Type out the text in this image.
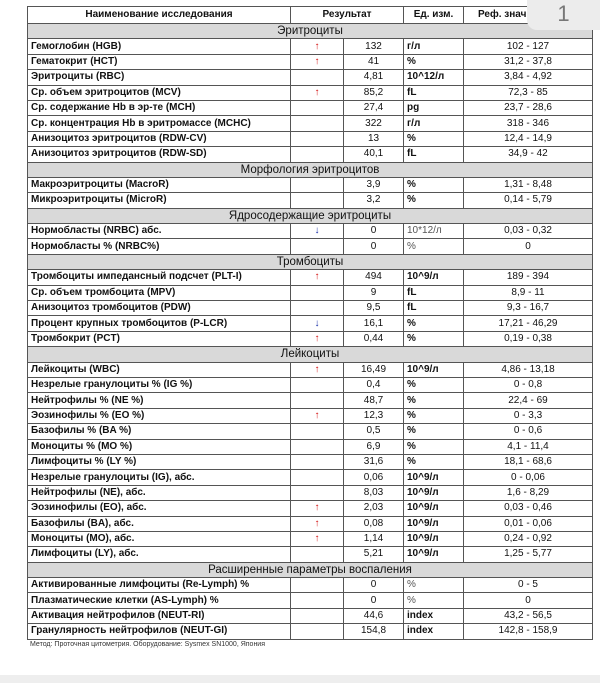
Наименование исследования	Результат		Ед. изм.	Реф. знач
Эритроциты				
Гемоглобин (HGB)	↑	132	г/л	102 - 127
Гематокрит (HCT)	↑	41	%	31,2 - 37,8
Эритроциты (RBC)		4,81	10^12/л	3,84 - 4,92
Ср. объем эритроцитов (MCV)	↑	85,2	fL	72,3 - 85
Ср. содержание Hb в эр-те (MCH)		27,4	pg	23,7 - 28,6
Ср. концентрация Hb в эритромассе (MCHC)		322	г/л	318 - 346
Анизоцитоз эритроцитов (RDW-CV)		13	%	12,4 - 14,9
Анизоцитоз эритроцитов (RDW-SD)		40,1	fL	34,9 - 42
Морфология эритроцитов				
Макроэритроциты (MacroR)		3,9	%	1,31 - 8,48
Микроэритроциты (MicroR)		3,2	%	0,14 - 5,79
Ядросодержащие эритроциты				
Нормобласты (NRBC) абс.	↓	0	10*12/л	0,03 - 0,32
Нормобласты % (NRBC%)		0	%	0
Тромбоциты				
Тромбоциты импедансный подсчет (PLT-I)	↑	494	10^9/л	189 - 394
Ср. объем тромбоцита (MPV)		9	fL	8,9 - 11
Анизоцитоз тромбоцитов (PDW)		9,5	fL	9,3 - 16,7
Процент крупных тромбоцитов (P-LCR)	↓	16,1	%	17,21 - 46,29
Тромбокрит (PCT)	↑	0,44	%	0,19 - 0,38
Лейкоциты				
Лейкоциты (WBC)	↑	16,49	10^9/л	4,86 - 13,18
Незрелые гранулоциты % (IG %)		0,4	%	0 - 0,8
Нейтрофилы % (NE %)		48,7	%	22,4 - 69
Эозинофилы % (EO %)	↑	12,3	%	0 - 3,3
Базофилы % (BA %)		0,5	%	0 - 0,6
Моноциты % (MO %)		6,9	%	4,1 - 11,4
Лимфоциты % (LY %)		31,6	%	18,1 - 68,6
Незрелые гранулоциты (IG), абс.		0,06	10^9/л	0 - 0,06
Нейтрофилы (NE), абс.		8,03	10^9/л	1,6 - 8,29
Эозинофилы (EO), абс.	↑	2,03	10^9/л	0,03 - 0,46
Базофилы (BA), абс.	↑	0,08	10^9/л	0,01 - 0,06
Моноциты (MO), абс.	↑	1,14	10^9/л	0,24 - 0,92
Лимфоциты (LY), абс.		5,21	10^9/л	1,25 - 5,77
Расширенные параметры воспаления				
Активированные лимфоциты (Re-Lymph) %		0	%	0 - 5
Плазматические клетки (AS-Lymph) %		0	%	0
Активация нейтрофилов (NEUT-RI)		44,6	index	43,2 - 56,5
Гранулярность нейтрофилов (NEUT-GI)		154,8	index	142,8 - 158,9
Метод: Проточная цитометрия. Оборудование: Sysmex SN1000, Япония
1
